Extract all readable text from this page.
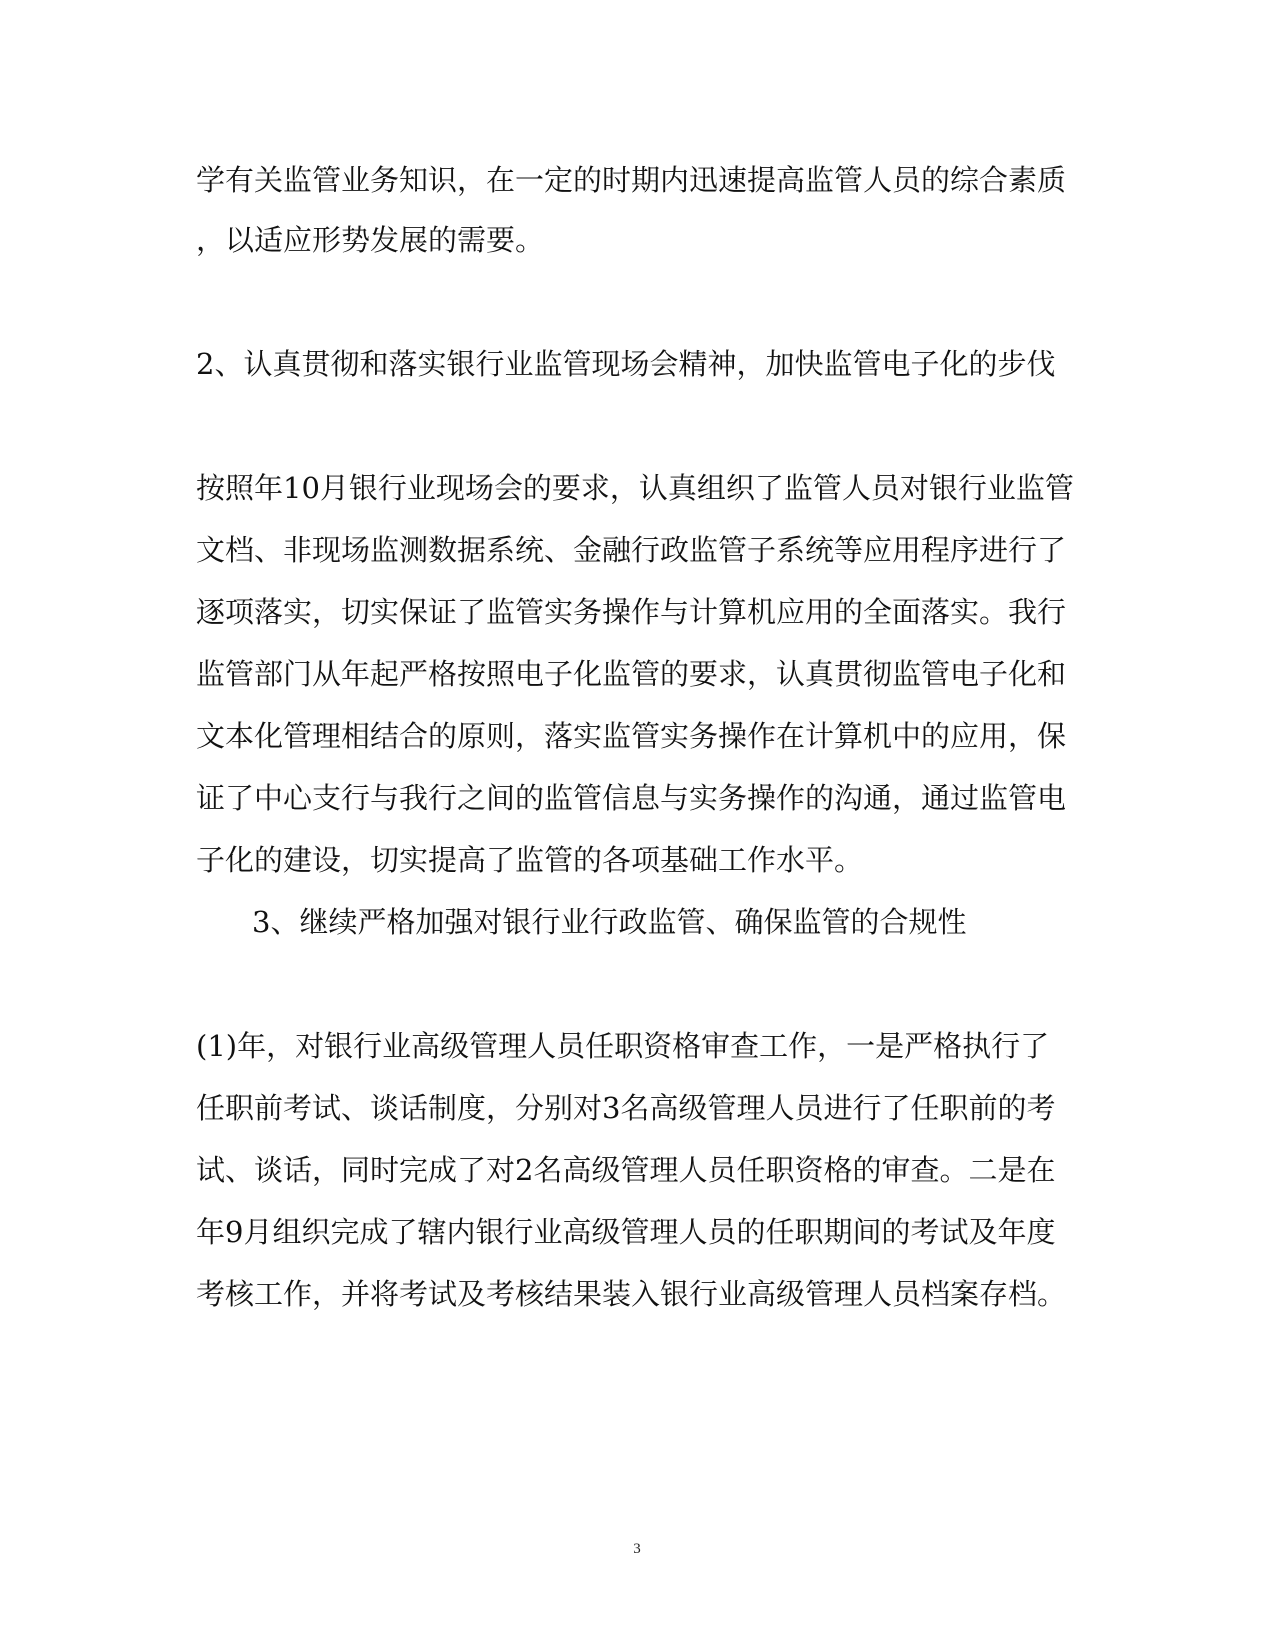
学有关监管业务知识，在一定的时期内迅速提高监管人员的综合素质
，以适应形势发展的需要。
2、认真贯彻和落实银行业监管现场会精神，加快监管电子化的步伐
按照年10月银行业现场会的要求，认真组织了监管人员对银行业监管
文档、非现场监测数据系统、金融行政监管子系统等应用程序进行了
逐项落实，切实保证了监管实务操作与计算机应用的全面落实。我行
监管部门从年起严格按照电子化监管的要求，认真贯彻监管电子化和
文本化管理相结合的原则，落实监管实务操作在计算机中的应用，保
证了中心支行与我行之间的监管信息与实务操作的沟通，通过监管电
子化的建设，切实提高了监管的各项基础工作水平。
3、继续严格加强对银行业行政监管、确保监管的合规性
(1)年，对银行业高级管理人员任职资格审查工作，一是严格执行了
任职前考试、谈话制度，分别对3名高级管理人员进行了任职前的考
试、谈话，同时完成了对2名高级管理人员任职资格的审查。二是在
年9月组织完成了辖内银行业高级管理人员的任职期间的考试及年度
考核工作，并将考试及考核结果装入银行业高级管理人员档案存档。
3
